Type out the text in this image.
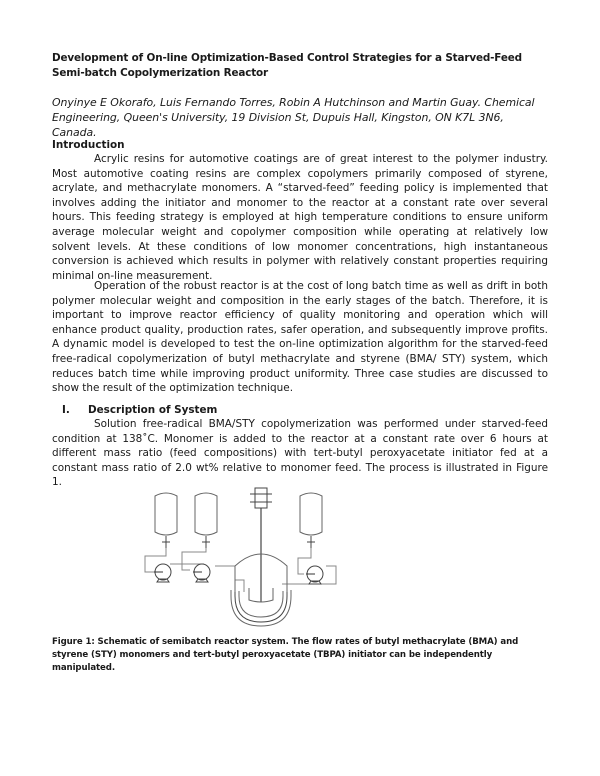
Development of On-line Optimization-Based Control Strategies for a Starved-Feed Semi-batch Copolymerization Reactor
Onyinye E Okorafo, Luis Fernando Torres, Robin A Hutchinson and Martin Guay. Chemical Engineering, Queen's University, 19 Division St, Dupuis Hall, Kingston, ON K7L 3N6, Canada.
Introduction
Acrylic resins for automotive coatings are of great interest to the polymer industry. Most automotive coating resins are complex copolymers primarily composed of styrene, acrylate, and methacrylate monomers. A “starved-feed” feeding policy is implemented that involves adding the initiator and monomer to the reactor at a constant rate over several hours. This feeding strategy is employed at high temperature conditions to ensure uniform average molecular weight and copolymer composition while operating at relatively low solvent levels. At these conditions of low monomer concentrations, high instantaneous conversion is achieved which results in polymer with relatively constant properties requiring minimal on-line measurement.
Operation of the robust reactor is at the cost of long batch time as well as drift in both polymer molecular weight and composition in the early stages of the batch. Therefore, it is important to improve reactor efficiency of quality monitoring and operation which will enhance product quality, production rates, safer operation, and subsequently improve profits. A dynamic model is developed to test the on-line optimization algorithm for the starved-feed free-radical copolymerization of butyl methacrylate and styrene (BMA/ STY) system, which reduces batch time while improving product uniformity. Three case studies are discussed to show the result of the optimization technique.
I. Description of System
Solution free-radical BMA/STY copolymerization was performed under starved-feed condition at 138˚C. Monomer is added to the reactor at a constant rate over 6 hours at different mass ratio (feed compositions) with tert-butyl peroxyacetate initiator fed at a constant mass ratio of 2.0 wt% relative to monomer feed. The process is illustrated in Figure 1.
Figure 1: Schematic of semibatch reactor system. The flow rates of butyl methacrylate (BMA) and styrene (STY) monomers and tert-butyl peroxyacetate (TBPA) initiator can be independently manipulated.
